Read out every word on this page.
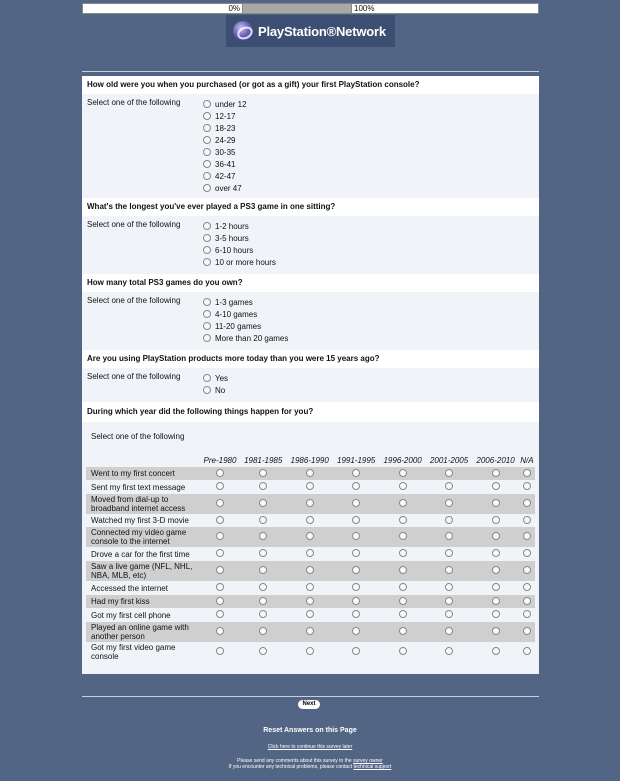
0%	100%
PlayStation®Network
How old were you when you purchased (or got as a gift) your first PlayStation console?
Select one of the following	under 12
12-17
18-23
24-29
30-35
36-41
42-47
over 47
What's the longest you've ever played a PS3 game in one sitting?
Select one of the following	1-2 hours
3-5 hours
6-10 hours
10 or more hours
How many total PS3 games do you own?
Select one of the following	1-3 games
4-10 games
11-20 games
More than 20 games
Are you using PlayStation products more today than you were 15 years ago?
Select one of the following	Yes
No
During which year did the following things happen for you?
Select one of the following
	Pre-1980	1981-1985	1986-1990	1991-1995	1996-2000	2001-2005	2006-2010	N/A
Went to my first concert								
Sent my first text message								
Moved from dial-up to broadband internet access								
Watched my first 3-D movie								
Connected my video game console to the internet								
Drove a car for the first time								
Saw a live game (NFL, NHL, NBA, MLB, etc)								
Accessed the internet								
Had my first kiss								
Got my first cell phone								
Played an online game with another person								
Got my first video game console								
Next
Reset Answers on this Page
Click here to continue this survey later
Please send any comments about this survey to the survey owner
If you encounter any technical problems, please contact technical support
